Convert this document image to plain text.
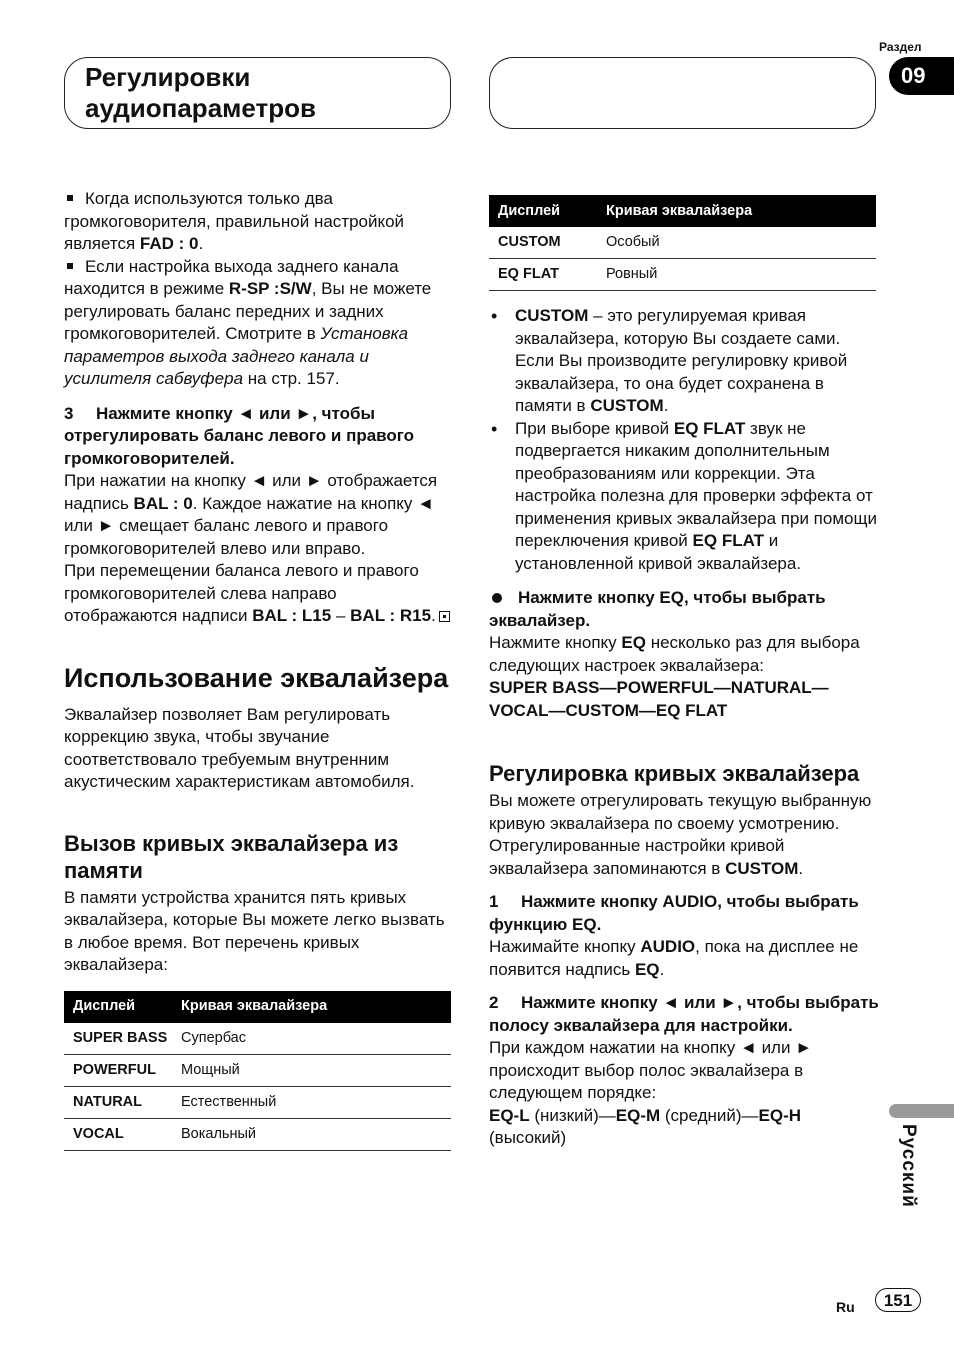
Регулировки аудиопараметров

Раздел
09

Когда используются только два громкоговорителя, правильной настройкой является FAD : 0.

Если настройка выхода заднего канала находится в режиме R-SP :S/W, Вы не можете регулировать баланс передних и задних громкоговорителей. Смотрите в Установка параметров выхода заднего канала и усилителя сабвуфера на стр. 157.

3 Нажмите кнопку ◄ или ►, чтобы отрегулировать баланс левого и правого громкоговорителей.

При нажатии на кнопку ◄ или ► отображается надпись BAL : 0. Каждое нажатие на кнопку ◄ или ► смещает баланс левого и правого громкоговорителей влево или вправо.

При перемещении баланса левого и правого громкоговорителей слева направо отображаются надписи BAL : L15 – BAL : R15.

Использование эквалайзера

Эквалайзер позволяет Вам регулировать коррекцию звука, чтобы звучание соответствовало требуемым внутренним акустическим характеристикам автомобиля.

Вызов кривых эквалайзера из памяти

В памяти устройства хранится пять кривых эквалайзера, которые Вы можете легко вызвать в любое время. Вот перечень кривых эквалайзера:

Дисплей	Кривая эквалайзера
SUPER BASS	Супербас
POWERFUL	Мощный
NATURAL	Естественный
VOCAL	Вокальный
Дисплей	Кривая эквалайзера
CUSTOM	Особый
EQ FLAT	Ровный
• CUSTOM – это регулируемая кривая эквалайзера, которую Вы создаете сами. Если Вы производите регулировку кривой эквалайзера, то она будет сохранена в памяти в CUSTOM.
• При выборе кривой EQ FLAT звук не подвергается никаким дополнительным преобразованиям или коррекции. Эта настройка полезна для проверки эффекта от применения кривых эквалайзера при помощи переключения кривой EQ FLAT и установленной кривой эквалайзера.

Нажмите кнопку EQ, чтобы выбрать эквалайзер.

Нажмите кнопку EQ несколько раз для выбора следующих настроек эквалайзера:

SUPER BASS—POWERFUL—NATURAL—VOCAL—CUSTOM—EQ FLAT

Регулировка кривых эквалайзера

Вы можете отрегулировать текущую выбранную кривую эквалайзера по своему усмотрению. Отрегулированные настройки кривой эквалайзера запоминаются в CUSTOM.

1 Нажмите кнопку AUDIO, чтобы выбрать функцию EQ.

Нажимайте кнопку AUDIO, пока на дисплее не появится надпись EQ.

2 Нажмите кнопку ◄ или ►, чтобы выбрать полосу эквалайзера для настройки.

При каждом нажатии на кнопку ◄ или ► происходит выбор полос эквалайзера в следующем порядке:

EQ-L (низкий)—EQ-M (средний)—EQ-H (высокий)	Русский
Ru	151
